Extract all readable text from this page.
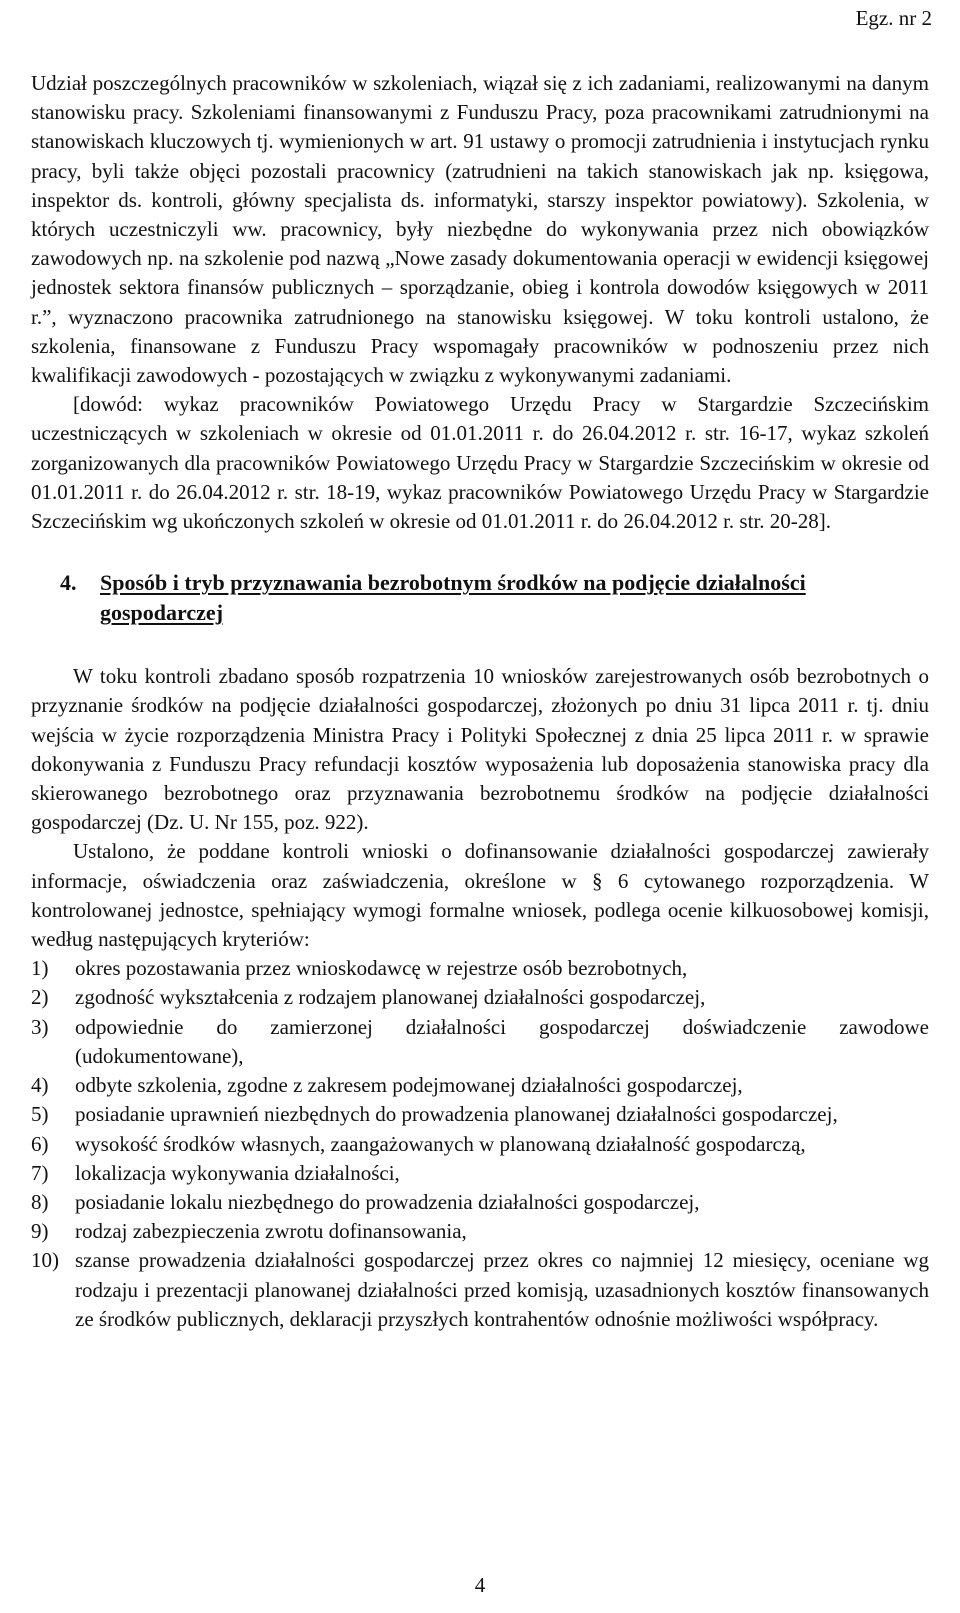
Egz. nr 2

Udział poszczególnych pracowników w szkoleniach, wiązał się z ich zadaniami, realizowanymi na danym stanowisku pracy. Szkoleniami finansowanymi z Funduszu Pracy, poza pracownikami zatrudnionymi na stanowiskach kluczowych tj. wymienionych w art. 91 ustawy o promocji zatrudnienia i instytucjach rynku pracy, byli także objęci pozostali pracownicy (zatrudnieni na takich stanowiskach jak np. księgowa, inspektor ds. kontroli, główny specjalista ds. informatyki, starszy inspektor powiatowy). Szkolenia, w których uczestniczyli ww. pracownicy, były niezbędne do wykonywania przez nich obowiązków zawodowych np. na szkolenie pod nazwą „Nowe zasady dokumentowania operacji w ewidencji księgowej jednostek sektora finansów publicznych – sporządzanie, obieg i kontrola dowodów księgowych w 2011 r.”, wyznaczono pracownika zatrudnionego na stanowisku księgowej. W toku kontroli ustalono, że szkolenia, finansowane z Funduszu Pracy wspomagały pracowników w podnoszeniu przez nich kwalifikacji zawodowych - pozostających w związku z wykonywanymi zadaniami.

[dowód: wykaz pracowników Powiatowego Urzędu Pracy w Stargardzie Szczecińskim uczestniczących w szkoleniach w okresie od 01.01.2011 r. do 26.04.2012 r. str. 16-17, wykaz szkoleń zorganizowanych dla pracowników Powiatowego Urzędu Pracy w Stargardzie Szczecińskim w okresie od 01.01.2011 r. do 26.04.2012 r. str. 18-19, wykaz pracowników Powiatowego Urzędu Pracy w Stargardzie Szczecińskim wg ukończonych szkoleń w okresie od 01.01.2011 r. do 26.04.2012 r. str. 20-28].

4.	Sposób i tryb przyznawania bezrobotnym środków na podjęcie działalności gospodarczej

W toku kontroli zbadano sposób rozpatrzenia 10 wniosków zarejestrowanych osób bezrobotnych o przyznanie środków na podjęcie działalności gospodarczej, złożonych po dniu 31 lipca 2011 r. tj. dniu wejścia w życie rozporządzenia Ministra Pracy i Polityki Społecznej z dnia 25 lipca 2011 r. w sprawie dokonywania z Funduszu Pracy refundacji kosztów wyposażenia lub doposażenia stanowiska pracy dla skierowanego bezrobotnego oraz przyznawania bezrobotnemu środków na podjęcie działalności gospodarczej (Dz. U. Nr 155, poz. 922).

Ustalono, że poddane kontroli wnioski o dofinansowanie działalności gospodarczej zawierały informacje, oświadczenia oraz zaświadczenia, określone w § 6 cytowanego rozporządzenia. W kontrolowanej jednostce, spełniający wymogi formalne wniosek, podlega ocenie kilkuosobowej komisji, według następujących kryteriów:

1)	okres pozostawania przez wnioskodawcę w rejestrze osób bezrobotnych,
2)	zgodność wykształcenia z rodzajem planowanej działalności gospodarczej,
3)	odpowiednie do zamierzonej działalności gospodarczej doświadczenie zawodowe (udokumentowane),
4)	odbyte szkolenia, zgodne z zakresem podejmowanej działalności gospodarczej,
5)	posiadanie uprawnień niezbędnych do prowadzenia planowanej działalności gospodarczej,
6)	wysokość środków własnych, zaangażowanych w planowaną działalność gospodarczą,
7)	lokalizacja wykonywania działalności,
8)	posiadanie lokalu niezbędnego do prowadzenia działalności gospodarczej,
9)	rodzaj zabezpieczenia zwrotu dofinansowania,
10) szanse prowadzenia działalności gospodarczej przez okres co najmniej 12 miesięcy, oceniane wg rodzaju i prezentacji planowanej działalności przed komisją, uzasadnionych kosztów finansowanych ze środków publicznych, deklaracji przyszłych kontrahentów odnośnie możliwości współpracy.
4
